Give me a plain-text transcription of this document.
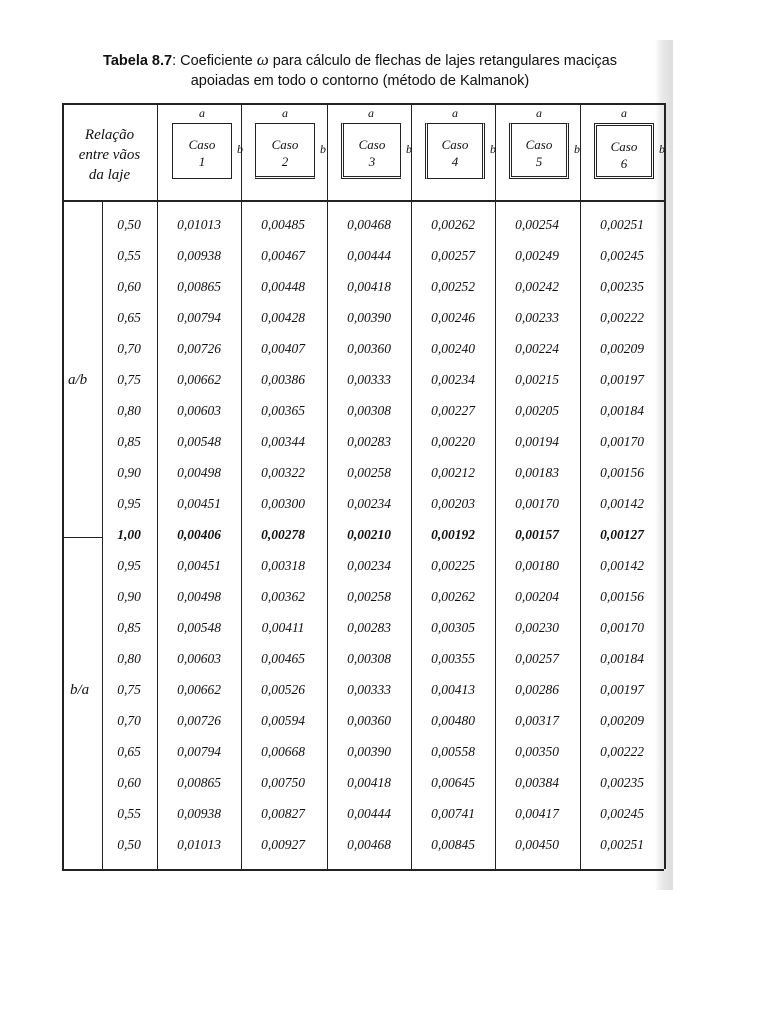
Tabela 8.7: Coeficiente ω para cálculo de flechas de lajes retangulares maciças
apoiadas em todo o contorno (método de Kalmanok)
Relação
entre vãos
da laje
a/b
b/a
a
Caso
1
b
a
Caso
2
b
a
Caso
3
b
a
Caso
4
b
a
Caso
5
b
a
Caso
6
b
0,50	0,01013	0,00485	0,00468	0,00262	0,00254	0,00251
0,55	0,00938	0,00467	0,00444	0,00257	0,00249	0,00245
0,60	0,00865	0,00448	0,00418	0,00252	0,00242	0,00235
0,65	0,00794	0,00428	0,00390	0,00246	0,00233	0,00222
0,70	0,00726	0,00407	0,00360	0,00240	0,00224	0,00209
0,75	0,00662	0,00386	0,00333	0,00234	0,00215	0,00197
0,80	0,00603	0,00365	0,00308	0,00227	0,00205	0,00184
0,85	0,00548	0,00344	0,00283	0,00220	0,00194	0,00170
0,90	0,00498	0,00322	0,00258	0,00212	0,00183	0,00156
0,95	0,00451	0,00300	0,00234	0,00203	0,00170	0,00142
1,00	0,00406	0,00278	0,00210	0,00192	0,00157	0,00127
0,95	0,00451	0,00318	0,00234	0,00225	0,00180	0,00142
0,90	0,00498	0,00362	0,00258	0,00262	0,00204	0,00156
0,85	0,00548	0,00411	0,00283	0,00305	0,00230	0,00170
0,80	0,00603	0,00465	0,00308	0,00355	0,00257	0,00184
0,75	0,00662	0,00526	0,00333	0,00413	0,00286	0,00197
0,70	0,00726	0,00594	0,00360	0,00480	0,00317	0,00209
0,65	0,00794	0,00668	0,00390	0,00558	0,00350	0,00222
0,60	0,00865	0,00750	0,00418	0,00645	0,00384	0,00235
0,55	0,00938	0,00827	0,00444	0,00741	0,00417	0,00245
0,50	0,01013	0,00927	0,00468	0,00845	0,00450	0,00251
